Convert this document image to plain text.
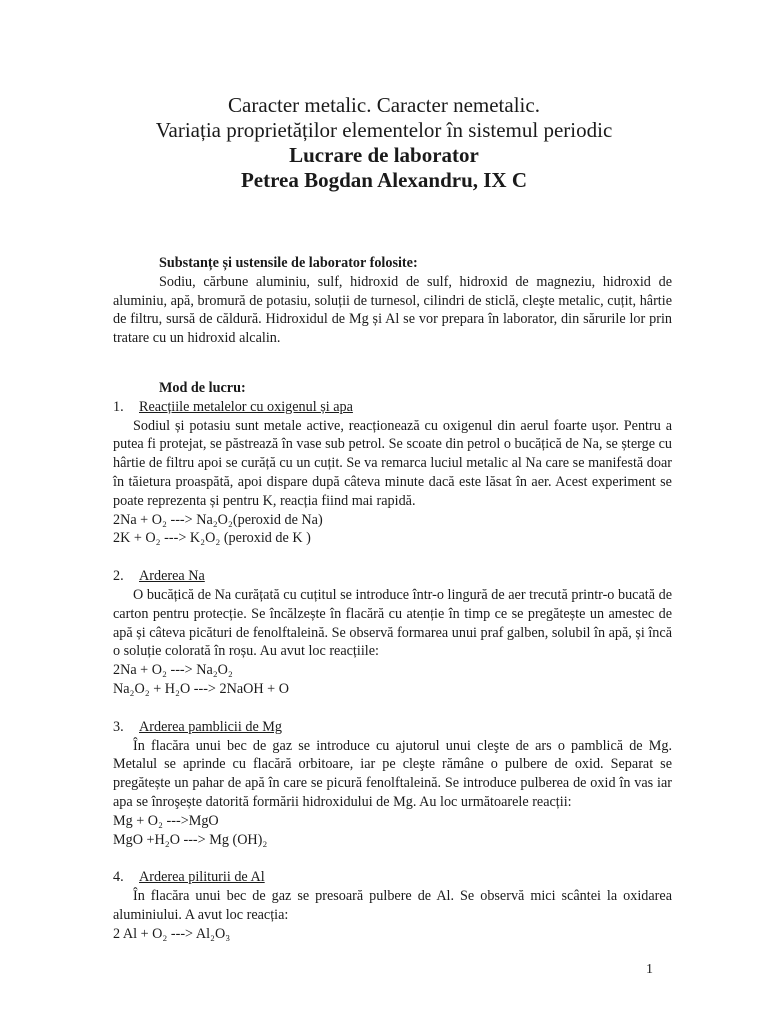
Caracter metalic. Caracter nemetalic.

Variația proprietăților elementelor în sistemul periodic

Lucrare de laborator

Petrea Bogdan Alexandru, IX C

Substanțe și ustensile de laborator folosite:

Sodiu, cărbune aluminiu, sulf, hidroxid de sulf, hidroxid de magneziu, hidroxid de aluminiu, apă, bromură de potasiu, soluții de turnesol, cilindri de sticlă, cleşte metalic, cuțit, hârtie de filtru, sursă de căldură. Hidroxidul de Mg și Al se vor prepara în laborator, din sărurile lor prin tratare cu un hidroxid alcalin.

Mod de lucru:

1.	Reacțiile metalelor cu oxigenul și apa

Sodiul și potasiu sunt metale active, reacționează cu oxigenul din aerul foarte ușor. Pentru a putea fi protejat, se păstrează în vase sub petrol. Se scoate din petrol o bucățică de Na, se șterge cu hârtie de filtru apoi se curăță cu un cuțit. Se va remarca luciul metalic al Na care se manifestă doar în tăietura proaspătă, apoi dispare după câteva minute dacă este lăsat în aer. Acest experiment se poate reprezenta și pentru K, reacția fiind mai rapidă.

2Na + O₂ ---> Na₂O₂(peroxid de Na)

2K + O₂ ---> K₂O₂ (peroxid de K )

2.	Arderea Na

O bucățică de Na curățată cu cuțitul se introduce într-o lingură de aer trecută printr-o bucată de carton pentru protecție. Se încălzește în flacără cu atenție în timp ce se pregătește un amestec de apă și câteva picături de fenolftaleină. Se observă formarea unui praf galben, solubil în apă, și încă o soluție colorată în roșu. Au avut loc reacțiile:

2Na + O₂ ---> Na₂O₂

Na₂O₂ + H₂O ---> 2NaOH + O

3.	Arderea pamblicii de Mg

În flacăra unui bec de gaz se introduce cu ajutorul unui cleşte de ars o pamblică de Mg. Metalul se aprinde cu flacără orbitoare, iar pe cleşte rămâne o pulbere de oxid. Separat se pregătește un pahar de apă în care se picură fenolftaleină. Se introduce pulberea de oxid în vas iar apa se înroşește datorită formării hidroxidului de Mg. Au loc următoarele reacții:

Mg + O₂ --->MgO

MgO +H₂O ---> Mg (OH)₂

4.	Arderea piliturii de Al

În flacăra unui bec de gaz se presoară pulbere de Al. Se observă mici scântei la oxidarea aluminiului. A avut loc reacția:

2 Al + O₂ ---> Al₂O₃

1
